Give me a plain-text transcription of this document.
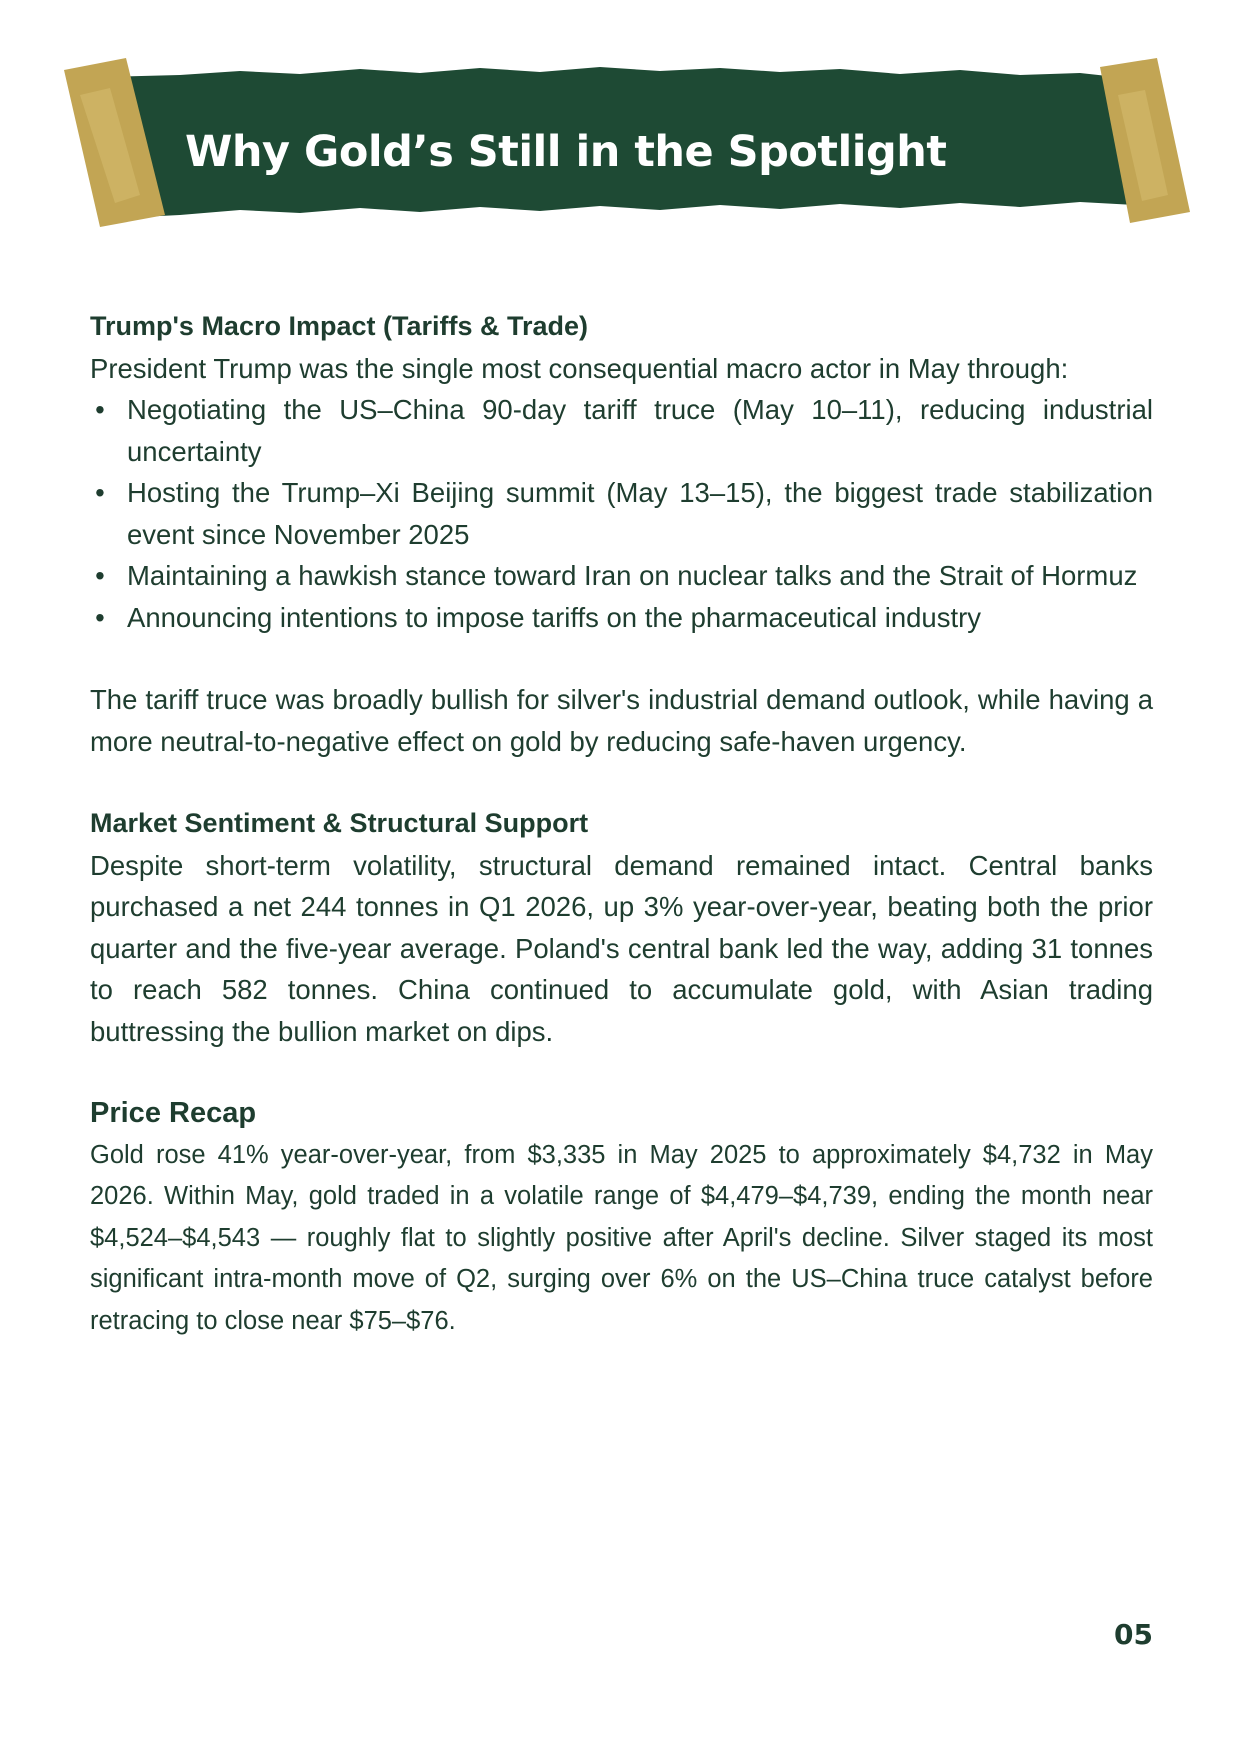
Why Gold’s Still in the Spotlight
Trump's Macro Impact (Tariffs & Trade)

President Trump was the single most consequential macro actor in May through:

• Negotiating the US–China 90-day tariff truce (May 10–11), reducing industrial uncertainty
• Hosting the Trump–Xi Beijing summit (May 13–15), the biggest trade stabilization event since November 2025
• Maintaining a hawkish stance toward Iran on nuclear talks and the Strait of Hormuz
• Announcing intentions to impose tariffs on the pharmaceutical industry

The tariff truce was broadly bullish for silver's industrial demand outlook, while having a more neutral-to-negative effect on gold by reducing safe-haven urgency.

Market Sentiment & Structural Support

Despite short-term volatility, structural demand remained intact. Central banks purchased a net 244 tonnes in Q1 2026, up 3% year-over-year, beating both the prior quarter and the five-year average. Poland's central bank led the way, adding 31 tonnes to reach 582 tonnes. China continued to accumulate gold, with Asian trading buttressing the bullion market on dips.

Price Recap

Gold rose 41% year-over-year, from $3,335 in May 2025 to approximately $4,732 in May 2026. Within May, gold traded in a volatile range of $4,479–$4,739, ending the month near $4,524–$4,543 — roughly flat to slightly positive after April's decline. Silver staged its most significant intra-month move of Q2, surging over 6% on the US–China truce catalyst before retracing to close near $75–$76.

05
